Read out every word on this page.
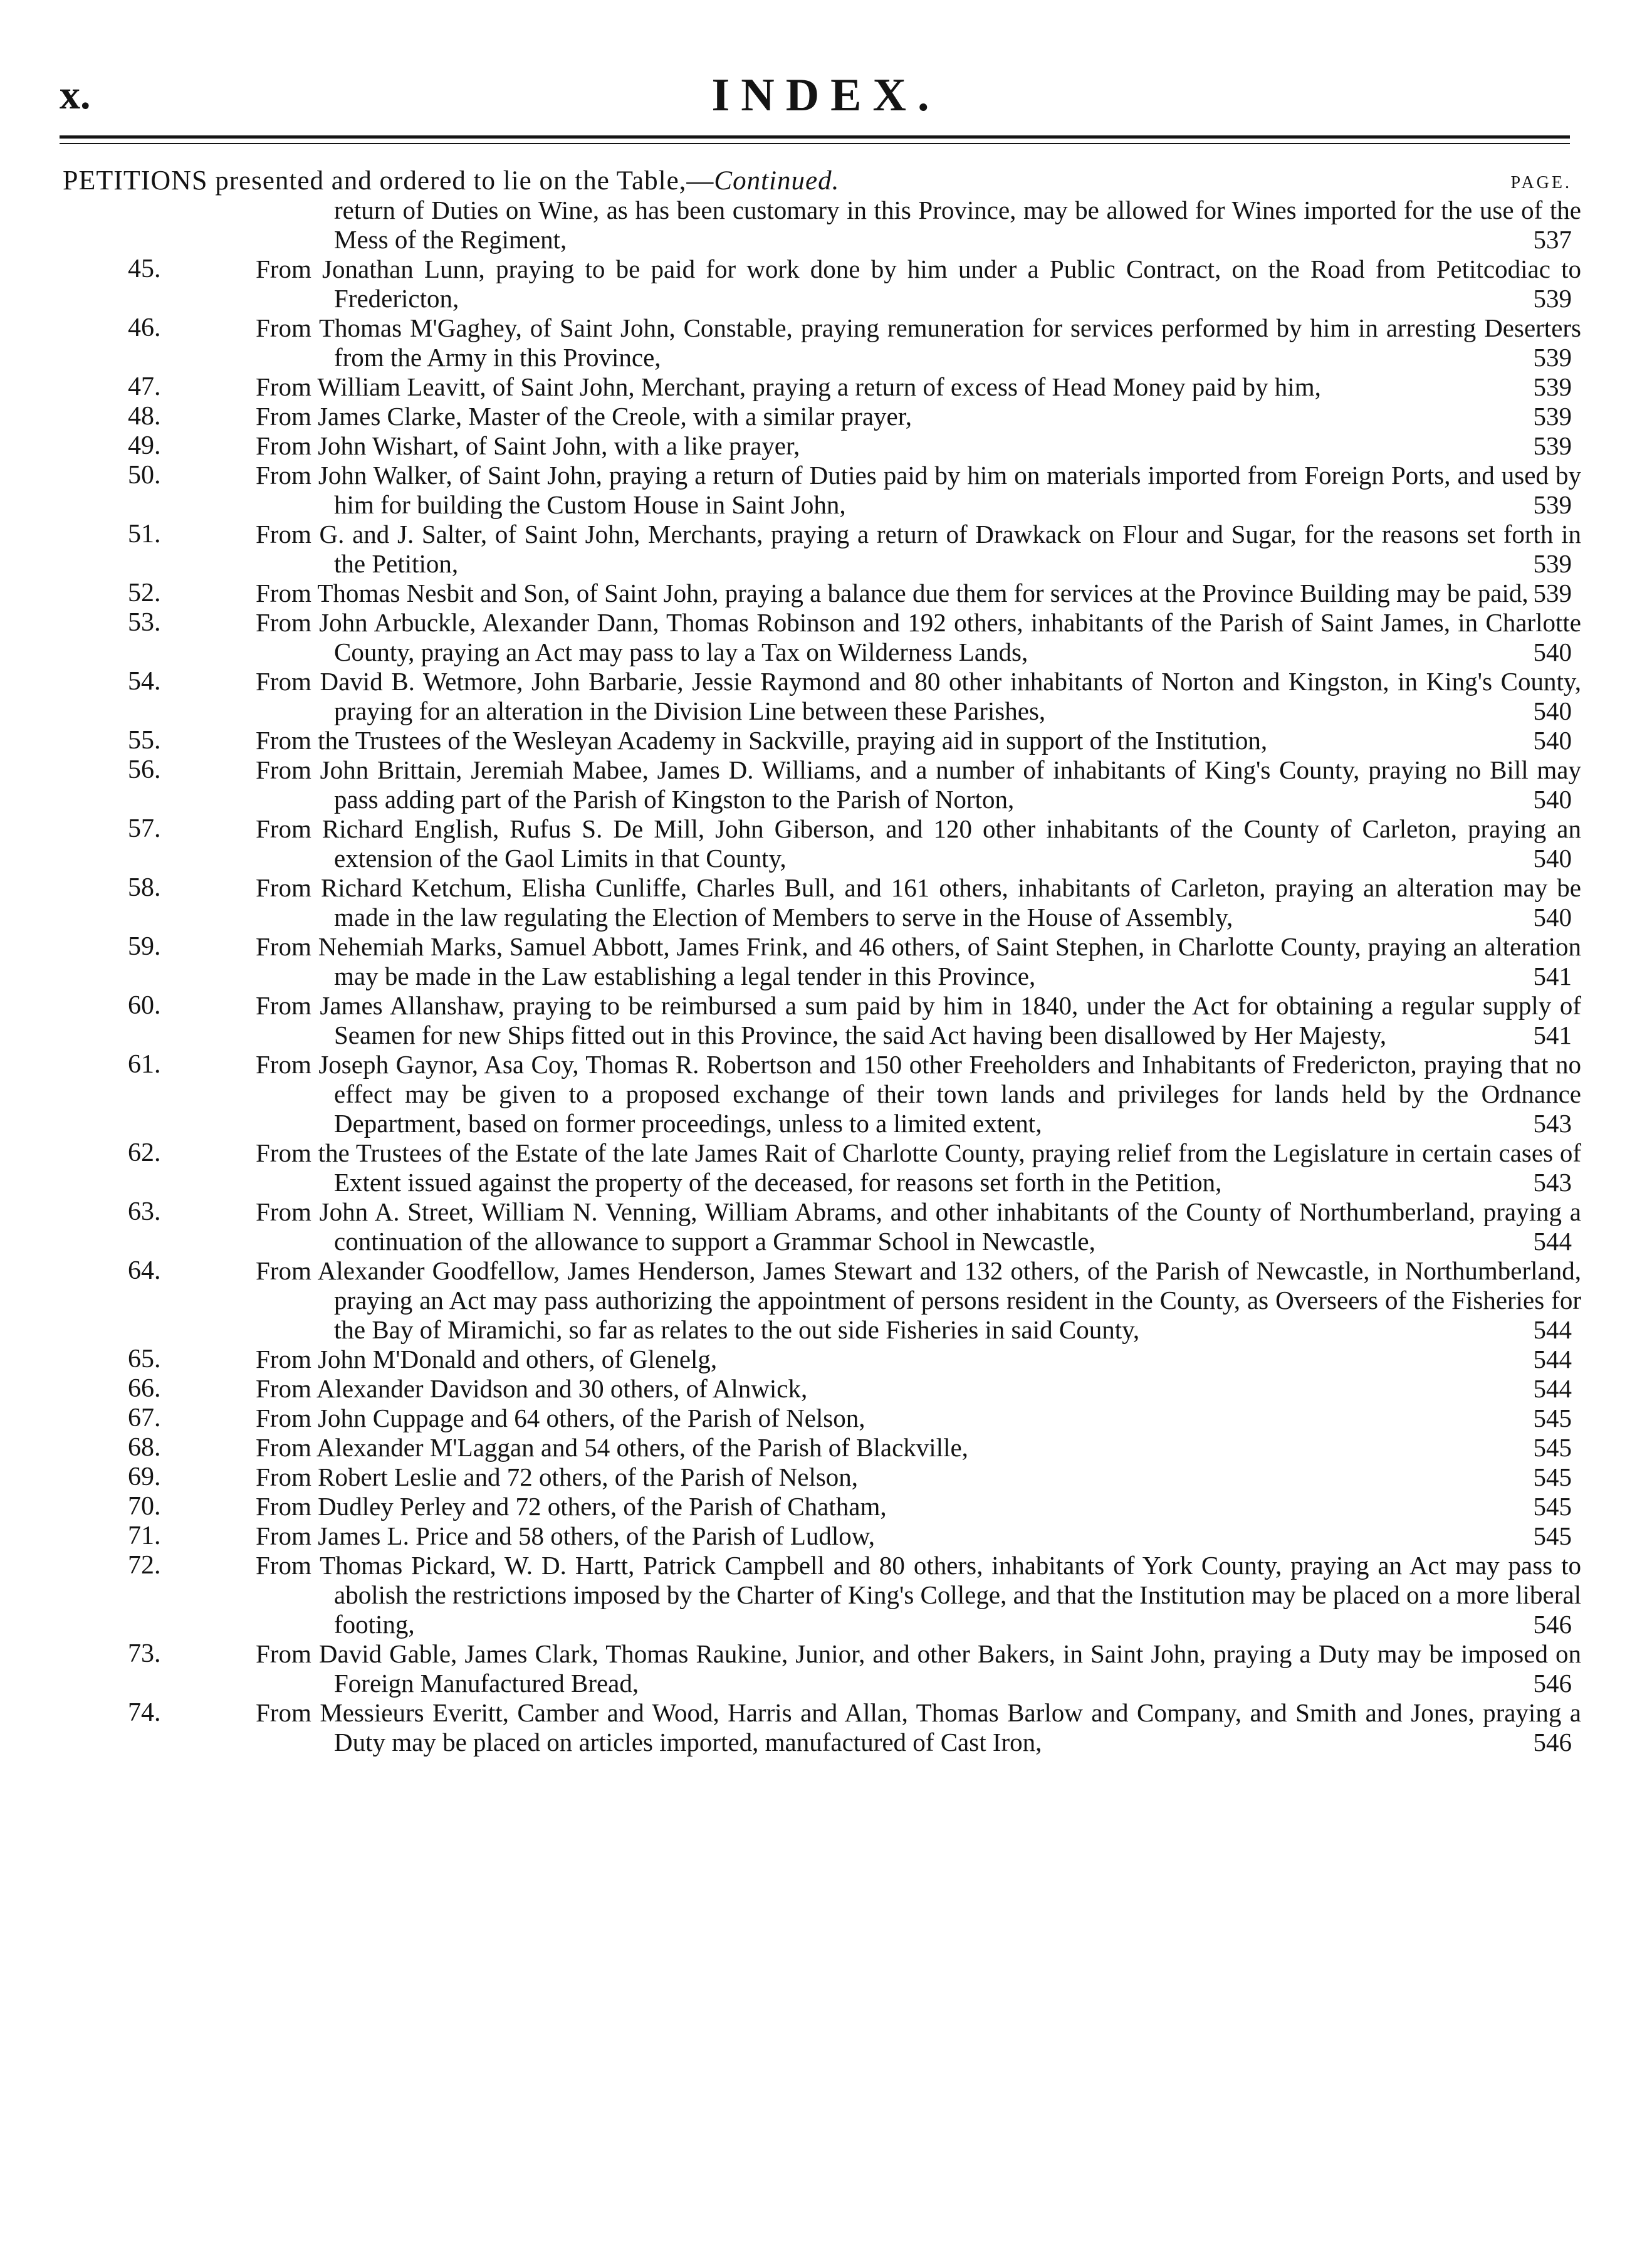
x.	INDEX.
PETITIONS presented and ordered to lie on the Table,—Continued.	PAGE.
return of Duties on Wine, as has been customary in this Province, may be allowed for Wines imported for the use of the Mess of the Regiment,	537
45.	From Jonathan Lunn, praying to be paid for work done by him under a Public Contract, on the Road from Petitcodiac to Fredericton,	539
46.	From Thomas M'Gaghey, of Saint John, Constable, praying remuneration for services performed by him in arresting Deserters from the Army in this Province,	539
47.	From William Leavitt, of Saint John, Merchant, praying a return of excess of Head Money paid by him,	539
48.	From James Clarke, Master of the Creole, with a similar prayer,	539
49.	From John Wishart, of Saint John, with a like prayer,	539
50.	From John Walker, of Saint John, praying a return of Duties paid by him on materials imported from Foreign Ports, and used by him for building the Custom House in Saint John,	539
51.	From G. and J. Salter, of Saint John, Merchants, praying a return of Drawkack on Flour and Sugar, for the reasons set forth in the Petition,	539
52.	From Thomas Nesbit and Son, of Saint John, praying a balance due them for services at the Province Building may be paid, 539
53.	From John Arbuckle, Alexander Dann, Thomas Robinson and 192 others, inhabitants of the Parish of Saint James, in Charlotte County, praying an Act may pass to lay a Tax on Wilderness Lands,	540
54.	From David B. Wetmore, John Barbarie, Jessie Raymond and 80 other inhabitants of Norton and Kingston, in King's County, praying for an alteration in the Division Line between these Parishes,	540
55.	From the Trustees of the Wesleyan Academy in Sackville, praying aid in support of the Institution,	540
56.	From John Brittain, Jeremiah Mabee, James D. Williams, and a number of inhabitants of King's County, praying no Bill may pass adding part of the Parish of Kingston to the Parish of Norton,	540
57.	From Richard English, Rufus S. De Mill, John Giberson, and 120 other inhabitants of the County of Carleton, praying an extension of the Gaol Limits in that County,	540
58.	From Richard Ketchum, Elisha Cunliffe, Charles Bull, and 161 others, inhabitants of Carleton, praying an alteration may be made in the law regulating the Election of Members to serve in the House of Assembly,	540
59.	From Nehemiah Marks, Samuel Abbott, James Frink, and 46 others, of Saint Stephen, in Charlotte County, praying an alteration may be made in the Law establishing a legal tender in this Province,	541
60.	From James Allanshaw, praying to be reimbursed a sum paid by him in 1840, under the Act for obtaining a regular supply of Seamen for new Ships fitted out in this Province, the said Act having been disallowed by Her Majesty,	541
61.	From Joseph Gaynor, Asa Coy, Thomas R. Robertson and 150 other Freeholders and Inhabitants of Fredericton, praying that no effect may be given to a proposed exchange of their town lands and privileges for lands held by the Ordnance Department, based on former proceedings, unless to a limited extent,	543
62.	From the Trustees of the Estate of the late James Rait of Charlotte County, praying relief from the Legislature in certain cases of Extent issued against the property of the deceased, for reasons set forth in the Petition,	543
63.	From John A. Street, William N. Venning, William Abrams, and other inhabitants of the County of Northumberland, praying a continuation of the allowance to support a Grammar School in Newcastle,	544
64.	From Alexander Goodfellow, James Henderson, James Stewart and 132 others, of the Parish of Newcastle, in Northumberland, praying an Act may pass authorizing the appointment of persons resident in the County, as Overseers of the Fisheries for the Bay of Miramichi, so far as relates to the out side Fisheries in said County,	544
65.	From John M'Donald and others, of Glenelg,	544
66.	From Alexander Davidson and 30 others, of Alnwick,	544
67.	From John Cuppage and 64 others, of the Parish of Nelson,	545
68.	From Alexander M'Laggan and 54 others, of the Parish of Blackville,	545
69.	From Robert Leslie and 72 others, of the Parish of Nelson,	545
70.	From Dudley Perley and 72 others, of the Parish of Chatham,	545
71.	From James L. Price and 58 others, of the Parish of Ludlow,	545
72.	From Thomas Pickard, W. D. Hartt, Patrick Campbell and 80 others, inhabitants of York County, praying an Act may pass to abolish the restrictions imposed by the Charter of King's College, and that the Institution may be placed on a more liberal footing,	546
73.	From David Gable, James Clark, Thomas Raukine, Junior, and other Bakers, in Saint John, praying a Duty may be imposed on Foreign Manufactured Bread,	546
74.	From Messieurs Everitt, Camber and Wood, Harris and Allan, Thomas Barlow and Company, and Smith and Jones, praying a Duty may be placed on articles imported, manufactured of Cast Iron,	546
